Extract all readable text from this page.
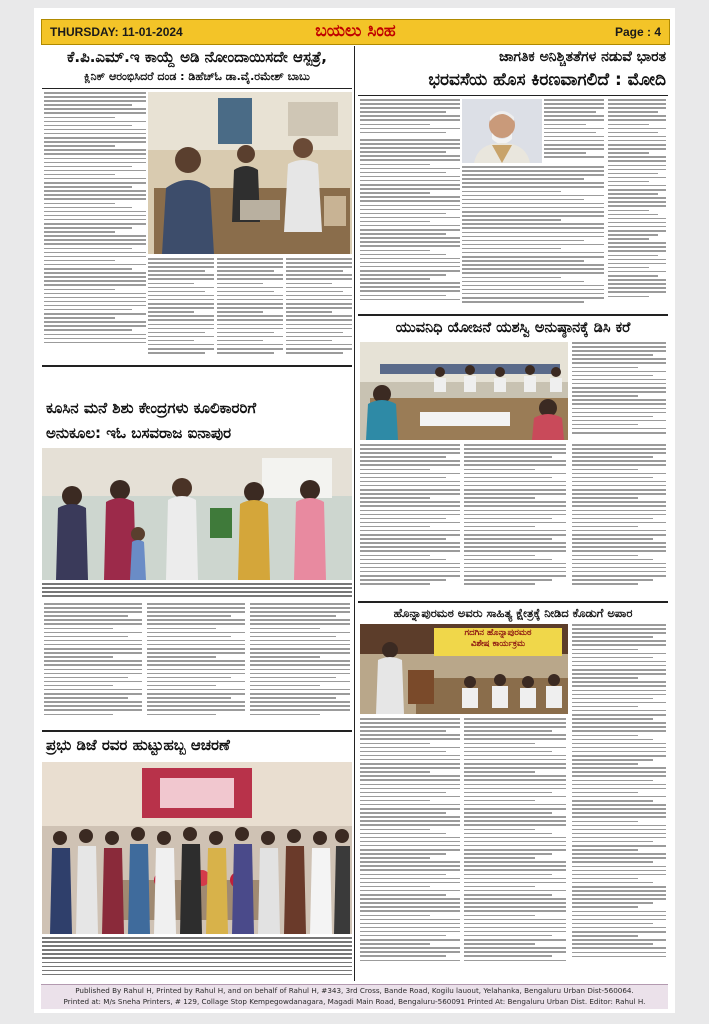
THURSDAY: 11-01-2024	ಬಯಲು ಸಿಂಹ	Page : 4
ಕೆ.ಪಿ.ಎಮ್.ಇ ಕಾಯ್ದೆ ಅಡಿ ನೋಂದಾಯಿಸದೇ ಆಸ್ಪತ್ರೆ,
ಕ್ಲಿನಿಕ್ ಆರಂಭಿಸಿದರೆ ದಂಡ : ಡಿಹೆಚ್‌ಓ ಡಾ.ವೈ.ರಮೇಶ್ ಬಾಬು
ಕೂಸಿನ ಮನೆ ಶಿಶು ಕೇಂದ್ರಗಳು ಕೂಲಿಕಾರರಿಗೆ
ಅನುಕೂಲ: ಇಓ ಬಸವರಾಜ ಐನಾಪುರ
ಪ್ರಭು ಡಿಜೆ ರವರ ಹುಟ್ಟುಹಬ್ಬ ಆಚರಣೆ
ಜಾಗತಿಕ ಅನಿಶ್ಚಿತತೆಗಳ ನಡುವೆ ಭಾರತ
ಭರವಸೆಯ ಹೊಸ ಕಿರಣವಾಗಲಿದೆ : ಮೋದಿ
ಯುವನಿಧಿ ಯೋಜನೆ ಯಶಸ್ವಿ ಅನುಷ್ಠಾನಕ್ಕೆ ಡಿಸಿ ಕರೆ
ಹೊನ್ನಾಪುರಮಠ ಅವರು ಸಾಹಿತ್ಯ ಕ್ಷೇತ್ರಕ್ಕೆ ನೀಡಿದ ಕೊಡುಗೆ ಅಪಾರ
ಗದಗಿನ ಹೊನ್ನಾಪುರಮಠ
ವಿಶೇಷ ಕಾರ್ಯಕ್ರಮ
Published By Rahul H, Printed by Rahul H, and on behalf of Rahul H, #343, 3rd Cross, Bande Road, Kogilu lauout, Yelahanka, Bengaluru Urban Dist-560064.
Printed at: M/s Sneha Printers, # 129, Collage Stop Kempegowdanagara, Magadi Main Road, Bengaluru-560091 Printed At: Bengaluru Urban Dist. Editor: Rahul H.
